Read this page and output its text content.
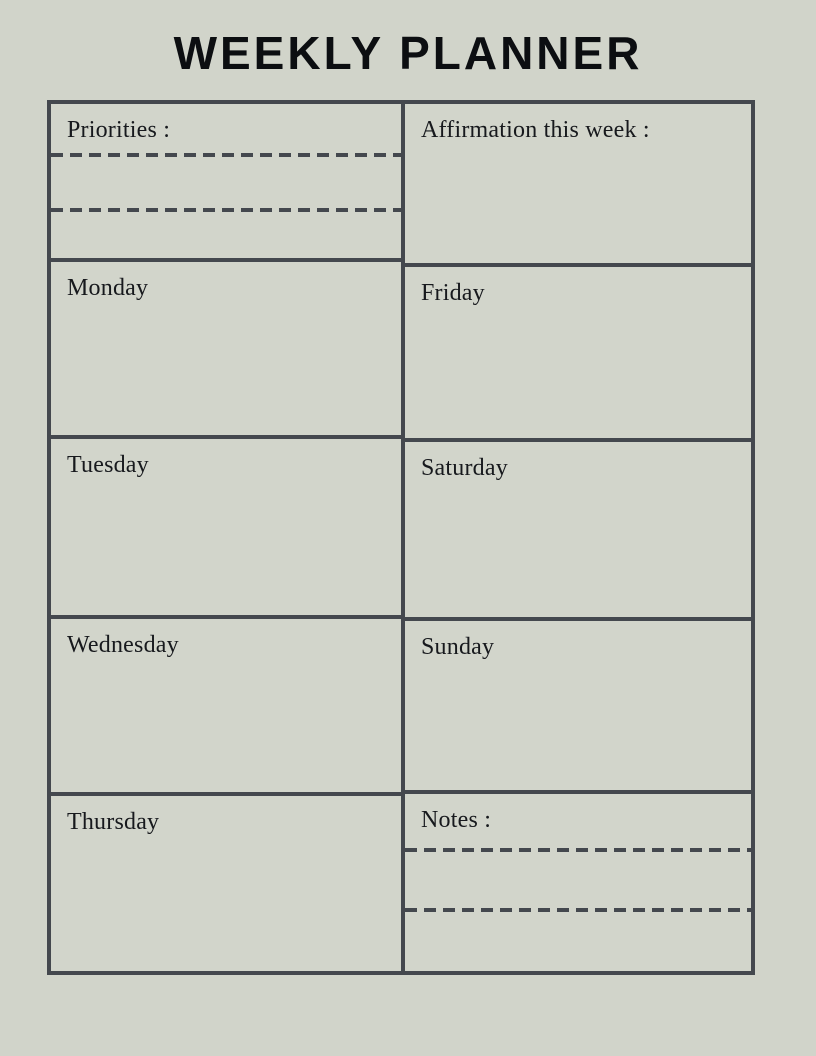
WEEKLY PLANNER
Priorities :
Monday
Tuesday
Wednesday
Thursday
Affirmation this week :
Friday
Saturday
Sunday
Notes :
